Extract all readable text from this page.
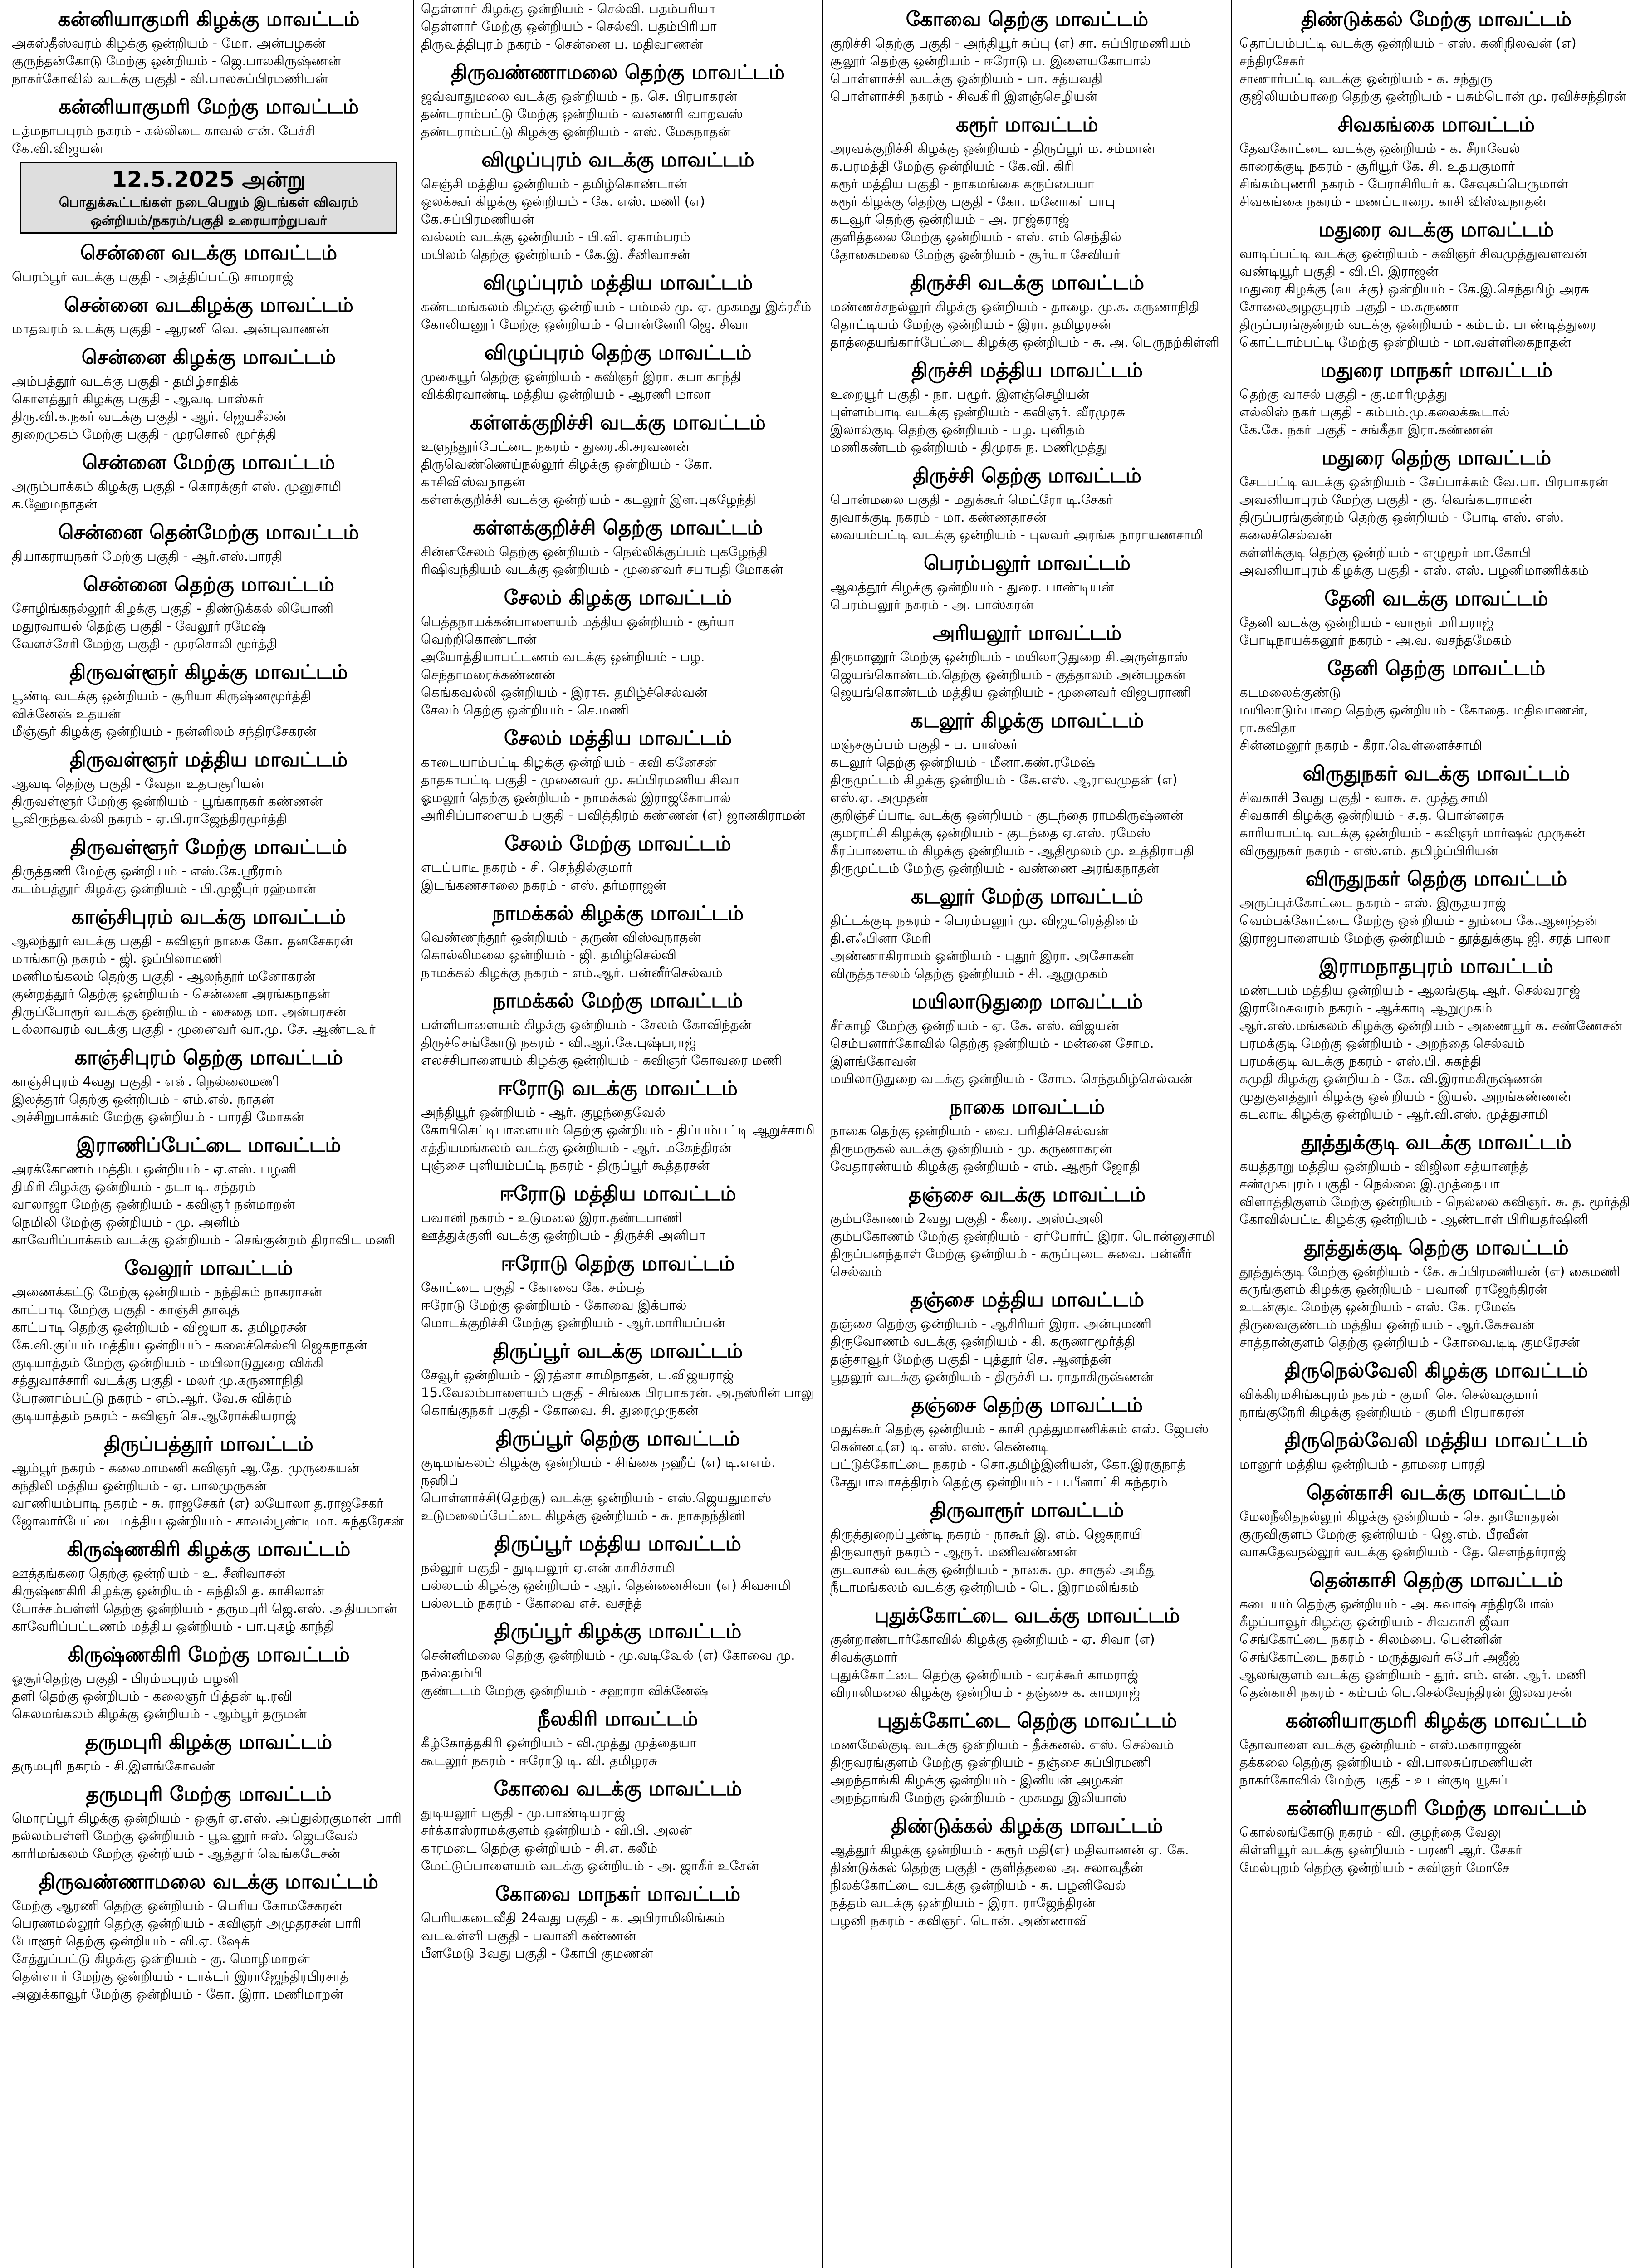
கன்னியாகுமரி கிழக்கு மாவட்டம்
அகஸ்தீஸ்வரம் கிழக்கு ஒன்றியம் - மோ. அன்பழகன்
குருந்தன்கோடு மேற்கு ஒன்றியம் - ஜெ.பாலகிருஷ்ணன்
நாகர்கோவில் வடக்கு பகுதி - வி.பாலசுப்பிரமணியன்
கன்னியாகுமரி மேற்கு மாவட்டம்
பத்மநாபபுரம் நகரம் - கல்லிடை காவல் என். பேச்சி
கே.வி.விஜயன்
12.5.2025 அன்று
பொதுக்கூட்டங்கள் நடைபெறும் இடங்கள் விவரம்
ஒன்றியம்/நகரம்/பகுதி உரையாற்றுபவர்
சென்னை வடக்கு மாவட்டம்
பெரம்பூர் வடக்கு பகுதி - அத்திப்பட்டு சாமராஜ்
சென்னை வடகிழக்கு மாவட்டம்
மாதவரம் வடக்கு பகுதி - ஆரணி வெ. அன்புவாணன்
சென்னை கிழக்கு மாவட்டம்
அம்பத்தூர் வடக்கு பகுதி - தமிழ்சாதிக்
கொளத்தூர் கிழக்கு பகுதி - ஆவடி பாஸ்கர்
திரு.வி.க.நகர் வடக்கு பகுதி - ஆர். ஜெயசீலன்
துறைமுகம் மேற்கு பகுதி - முரசொலி மூர்த்தி
சென்னை மேற்கு மாவட்டம்
அரும்பாக்கம் கிழக்கு பகுதி - கொரக்குர் எஸ். முனுசாமி
க.ஹேமநாதன்
சென்னை தென்மேற்கு மாவட்டம்
தியாகராயநகர் மேற்கு பகுதி - ஆர்.எஸ்.பாரதி
சென்னை தெற்கு மாவட்டம்
சோழிங்கநல்லூர் கிழக்கு பகுதி - திண்டுக்கல் லியோனி
மதுரவாயல் தெற்கு பகுதி - வேலூர் ரமேஷ்
வேளச்சேரி மேற்கு பகுதி - முரசொலி மூர்த்தி
திருவள்ளூர் கிழக்கு மாவட்டம்
பூண்டி வடக்கு ஒன்றியம் - சூரியா கிருஷ்ணமூர்த்தி
விக்னேஷ் உதயன்
மீஞ்சூர் கிழக்கு ஒன்றியம் - நன்னிலம் சந்திரசேகரன்
திருவள்ளூர் மத்திய மாவட்டம்
ஆவடி தெற்கு பகுதி - வேதா உதயசூரியன்
திருவள்ளூர் மேற்கு ஒன்றியம் - பூங்காநகர் கண்ணன்
பூவிருந்தவல்லி நகரம் - ஏ.பி.ராஜேந்திரமூர்த்தி
திருவள்ளூர் மேற்கு மாவட்டம்
திருத்தணி மேற்கு ஒன்றியம் - எஸ்.கே.ஸ்ரீராம்
கடம்பத்தூர் கிழக்கு ஒன்றியம் - பி.முஜீபுர் ரஹ்மான்
காஞ்சிபுரம் வடக்கு மாவட்டம்
ஆலந்தூர் வடக்கு பகுதி - கவிஞர் நாகை கோ. தனசேகரன்
மாங்காடு நகரம் - ஜி. ஒப்பிலாமணி
மணிமங்கலம் தெற்கு பகுதி - ஆலந்தூர் மனோகரன்
குன்றத்தூர் தெற்கு ஒன்றியம் - சென்னை அரங்கநாதன்
திருப்போரூர் வடக்கு ஒன்றியம் - சைதை மா. அன்பரசன்
பல்லாவரம் வடக்கு பகுதி - முனைவர் வா.மு. சே. ஆண்டவர்
காஞ்சிபுரம் தெற்கு மாவட்டம்
காஞ்சிபுரம் 4வது பகுதி - என். நெல்லைமணி
இலத்தூர் தெற்கு ஒன்றியம் - எம்.எல். நாதன்
அச்சிறுபாக்கம் மேற்கு ஒன்றியம் - பாரதி மோகன்
இராணிப்பேட்டை மாவட்டம்
அரக்கோணம் மத்திய ஒன்றியம் - ஏ.எஸ். பழனி
திமிரி கிழக்கு ஒன்றியம் - தடா டி. சந்தரம்
வாலாஜா மேற்கு ஒன்றியம் - கவிஞர் நன்மாறன்
நெமிலி மேற்கு ஒன்றியம் - மு. அனிம்
காவேரிப்பாக்கம் வடக்கு ஒன்றியம் - செங்குன்றம் திராவிட மணி
வேலூர் மாவட்டம்
அணைக்கட்டு மேற்கு ஒன்றியம் - நந்திகம் நாகராசன்
காட்பாடி மேற்கு பகுதி - காஞ்சி தாவுத்
காட்பாடி தெற்கு ஒன்றியம் - விஜயா க. தமிழரசன்
கே.வி.குப்பம் மத்திய ஒன்றியம் - கலைச்செல்வி ஜெகநாதன்
குடியாத்தம் மேற்கு ஒன்றியம் - மயிலாடுதுறை விக்கி
சத்துவாச்சாரி வடக்கு பகுதி - மலர் மு.கருணாநிதி
பேரணாம்பட்டு நகரம் - எம்.ஆர். வே.சு விக்ரம்
குடியாத்தம் நகரம் - கவிஞர் செ.ஆரோக்கியராஜ்
திருப்பத்தூர் மாவட்டம்
ஆம்பூர் நகரம் - கலைமாமணி கவிஞர் ஆ.தே. முருகையன்
கந்திலி மத்திய ஒன்றியம் - ஏ. பாலமுருகன்
வாணியம்பாடி நகரம் - சு. ராஜசேகர் (எ) லயோலா த.ராஜசேகர்
ஜோலார்பேட்டை மத்திய ஒன்றியம் - சாவல்பூண்டி மா. சுந்தரேசன்
கிருஷ்ணகிரி கிழக்கு மாவட்டம்
ஊத்தங்கரை தெற்கு ஒன்றியம் - உ. சீனிவாசன்
கிருஷ்ணகிரி கிழக்கு ஒன்றியம் - கந்திலி த. காசிலான்
போச்சம்பள்ளி தெற்கு ஒன்றியம் - தருமபுரி ஜெ.எஸ். அதியமான்
காவேரிப்பட்டணம் மத்திய ஒன்றியம் - பா.புகழ் காந்தி
கிருஷ்ணகிரி மேற்கு மாவட்டம்
ஓசூர்தெற்கு பகுதி - பிரம்மபுரம் பழனி
தளி தெற்கு ஒன்றியம் - கலைஞர் பித்தன் டி.ரவி
கெலமங்கலம் கிழக்கு ஒன்றியம் - ஆம்பூர் தருமன்
தருமபுரி கிழக்கு மாவட்டம்
தருமபுரி நகரம் - சி.இளங்கோவன்
தருமபுரி மேற்கு மாவட்டம்
மொரப்பூர் கிழக்கு ஒன்றியம் - ஒசூர் ஏ.எஸ். அப்துல்ரகுமான் பாரி
நல்லம்பள்ளி மேற்கு ஒன்றியம் - பூவனூர் ஈஸ். ஜெயவேல்
காரிமங்கலம் மேற்கு ஒன்றியம் - ஆத்தூர் வெங்கடேசன்
திருவண்ணாமலை வடக்கு மாவட்டம்
மேற்கு ஆரணி தெற்கு ஒன்றியம் - பெரிய கோமசேகரன்
பெரணமல்லூர் தெற்கு ஒன்றியம் - கவிஞர் அமுதரசன் பாரி
போளூர் தெற்கு ஒன்றியம் - வி.ஏ. ஷேக்
சேத்துப்பட்டு கிழக்கு ஒன்றியம் - கு. மொழிமாறன்
தெள்ளார் மேற்கு ஒன்றியம் - டாக்டர் இராஜேந்திரபிரசாத்
அனுக்காவூர் மேற்கு ஒன்றியம் - கோ. இரா. மணிமாறன்
தெள்ளார் கிழக்கு ஒன்றியம் - செல்வி. பதம்பரியா
தெள்ளார் மேற்கு ஒன்றியம் - செல்வி. பதம்பிரியா
திருவத்திபுரம் நகரம் - சென்னை ப. மதிவாணன்
திருவண்ணாமலை தெற்கு மாவட்டம்
ஜவ்வாதுமலை வடக்கு ஒன்றியம் - ந. செ. பிரபாகரன்
தண்டராம்பட்டு மேற்கு ஒன்றியம் - வனணரி வாறவஸ்
தண்டராம்பட்டு கிழக்கு ஒன்றியம் - எஸ். மேகநாதன்
விழுப்புரம் வடக்கு மாவட்டம்
செஞ்சி மத்திய ஒன்றியம் - தமிழ்கொண்டான்
ஒலக்கூர் கிழக்கு ஒன்றியம் - கே. எஸ். மணி (எ) கே.சுப்பிரமணியன்
வல்லம் வடக்கு ஒன்றியம் - பி.வி. ஏகாம்பரம்
மயிலம் தெற்கு ஒன்றியம் - கே.இ. சீனிவாசன்
விழுப்புரம் மத்திய மாவட்டம்
கண்டமங்கலம் கிழக்கு ஒன்றியம் - பம்மல் மு. ஏ. முகமது இக்ரசீம்
கோலியனூர் மேற்கு ஒன்றியம் - பொன்னேரி ஜெ. சிவா
விழுப்புரம் தெற்கு மாவட்டம்
முகையூர் தெற்கு ஒன்றியம் - கவிஞர் இரா. கபா காந்தி
விக்கிரவாண்டி மத்திய ஒன்றியம் - ஆரணி மாலா
கள்ளக்குறிச்சி வடக்கு மாவட்டம்
உளுந்தூர்பேட்டை நகரம் - துரை.கி.சரவணன்
திருவெண்ணெய்நல்லூர் கிழக்கு ஒன்றியம் - கோ. காசிவிஸ்வநாதன்
கள்ளக்குறிச்சி வடக்கு ஒன்றியம் - கடலூர் இள.புகழேந்தி
கள்ளக்குறிச்சி தெற்கு மாவட்டம்
சின்னசேலம் தெற்கு ஒன்றியம் - நெல்லிக்குப்பம் புகழேந்தி
ரிஷிவந்தியம் வடக்கு ஒன்றியம் - முனைவர் சபாபதி மோகன்
சேலம் கிழக்கு மாவட்டம்
பெத்தநாயக்கன்பாளையம் மத்திய ஒன்றியம் - சூர்யா வெற்றிகொண்டான்
அயோத்தியாபட்டணம் வடக்கு ஒன்றியம் - பழ. செந்தாமரைக்கண்ணன்
கெங்கவல்லி ஒன்றியம் - இராசு. தமிழ்ச்செல்வன்
சேலம் தெற்கு ஒன்றியம் - செ.மணி
சேலம் மத்திய மாவட்டம்
காடையாம்பட்டி கிழக்கு ஒன்றியம் - கவி கனேசன்
தாதகாபட்டி பகுதி - முனைவர் மு. சுப்பிரமணிய சிவா
ஓமலூர் தெற்கு ஒன்றியம் - நாமக்கல் இராஜகோபால்
அரிசிப்பாளையம் பகுதி - பவித்திரம் கண்ணன் (எ) ஜானகிராமன்
சேலம் மேற்கு மாவட்டம்
எடப்பாடி நகரம் - சி. செந்தில்குமார்
இடங்கணசாலை நகரம் - எஸ். தர்மராஜன்
நாமக்கல் கிழக்கு மாவட்டம்
வெண்ணந்தூர் ஒன்றியம் - தருண் விஸ்வநாதன்
கொல்லிமலை ஒன்றியம் - ஜி. தமிழ்செல்வி
நாமக்கல் கிழக்கு நகரம் - எம்.ஆர். பன்னீர்செல்வம்
நாமக்கல் மேற்கு மாவட்டம்
பள்ளிபாளையம் கிழக்கு ஒன்றியம் - சேலம் கோவிந்தன்
திருச்செங்கோடு நகரம் - வி.ஆர்.கே.புஷ்பராஜ்
எலச்சிபாளையம் கிழக்கு ஒன்றியம் - கவிஞர் கோவரை மணி
ஈரோடு வடக்கு மாவட்டம்
அந்தியூர் ஒன்றியம் - ஆர். குழந்தைவேல்
கோபிசெட்டிபாளையம் தெற்கு ஒன்றியம் - திப்பம்பட்டி ஆறுச்சாமி
சத்தியமங்கலம் வடக்கு ஒன்றியம் - ஆர். மகேந்திரன்
புஞ்சை புளியம்பட்டி நகரம் - திருப்பூர் கூத்தரசன்
ஈரோடு மத்திய மாவட்டம்
பவானி நகரம் - உடுமலை இரா.தண்டபாணி
ஊத்துக்குளி வடக்கு ஒன்றியம் - திருச்சி அனிபா
ஈரோடு தெற்கு மாவட்டம்
கோட்டை பகுதி - கோவை கே. சம்பத்
ஈரோடு மேற்கு ஒன்றியம் - கோவை இக்பால்
மொடக்குறிச்சி மேற்கு ஒன்றியம் - ஆர்.மாரியப்பன்
திருப்பூர் வடக்கு மாவட்டம்
சேவூர் ஒன்றியம் - இரத்னா சாமிநாதன், ப.விஜயராஜ்
15.வேலம்பாளையம் பகுதி - சிங்கை பிரபாகரன். அ.நஸ்ரின் பாலு
கொங்குநகர் பகுதி - கோவை. சி. துரைமுருகன்
திருப்பூர் தெற்கு மாவட்டம்
குடிமங்கலம் கிழக்கு ஒன்றியம் - சிங்கை நஹீப் (எ) டி.எஎம். நஹிப்
பொள்ளாச்சி(தெற்கு) வடக்கு ஒன்றியம் - எஸ்.ஜெயதுமாஸ்
உடுமலைப்பேட்டை கிழக்கு ஒன்றியம் - சு. நாகநந்தினி
திருப்பூர் மத்திய மாவட்டம்
நல்லூர் பகுதி - துடியலூர் ஏ.என் காசிச்சாமி
பல்லடம் கிழக்கு ஒன்றியம் - ஆர். தென்னைசிவா (எ) சிவசாமி
பல்லடம் நகரம் - கோவை எச். வசந்த்
திருப்பூர் கிழக்கு மாவட்டம்
சென்னிமலை தெற்கு ஒன்றியம் - மு.வடிவேல் (எ) கோவை மு. நல்லதம்பி
குண்டடம் மேற்கு ஒன்றியம் - சஹாரா விக்னேஷ்
நீலகிரி மாவட்டம்
கீழ்கோத்தகிரி ஒன்றியம் - வி.முத்து முத்தையா
கூடலூர் நகரம் - ஈரோடு டி. வி. தமிழரசு
கோவை வடக்கு மாவட்டம்
துடியலூர் பகுதி - மு.பாண்டியராஜ்
சர்க்காஸ்ராமக்குளம் ஒன்றியம் - வி.பி. அலன்
காரமடை தெற்கு ஒன்றியம் - சி.எ. கலீம்
மேட்டுப்பாளையம் வடக்கு ஒன்றியம் - அ. ஜாகீர் உசேன்
கோவை மாநகர் மாவட்டம்
பெரியகடைவீதி 24வது பகுதி - க. அபிராமிலிங்கம்
வடவள்ளி பகுதி - பவானி கண்ணன்
பீளமேடு 3வது பகுதி - கோபி குமணன்
கோவை தெற்கு மாவட்டம்
குறிச்சி தெற்கு பகுதி - அந்தியூர் சுப்பு (எ) சா. சுப்பிரமணியம்
சூலூர் தெற்கு ஒன்றியம் - ஈரோடு ப. இளையகோபால்
பொள்ளாச்சி வடக்கு ஒன்றியம் - பா. சத்யவதி
பொள்ளாச்சி நகரம் - சிவகிரி இளஞ்செழியன்
கரூர் மாவட்டம்
அரவக்குறிச்சி கிழக்கு ஒன்றியம் - திருப்பூர் ம. சம்மான்
க.பரமத்தி மேற்கு ஒன்றியம் - கே.வி. கிரி
கரூர் மத்திய பகுதி - நாகமங்கை கருப்பையா
கரூர் கிழக்கு தெற்கு பகுதி - கோ. மனோகர் பாபு
கடவூர் தெற்கு ஒன்றியம் - அ. ராஜ்கராஜ்
குளித்தலை மேற்கு ஒன்றியம் - எஸ். எம் செந்தில்
தோகைமலை மேற்கு ஒன்றியம் - சூர்யா சேவியர்
திருச்சி வடக்கு மாவட்டம்
மண்ணச்சநல்லூர் கிழக்கு ஒன்றியம் - தாழை. மு.க. கருணாநிதி
தொட்டியம் மேற்கு ஒன்றியம் - இரா. தமிழரசன்
தாத்தையங்கார்பேட்டை கிழக்கு ஒன்றியம் - சு. அ. பெருநற்கிள்ளி
திருச்சி மத்திய மாவட்டம்
உறையூர் பகுதி - நா. பழூர். இளஞ்செழியன்
புள்ளம்பாடி வடக்கு ஒன்றியம் - கவிஞர். வீரமுரசு
இலால்குடி தெற்கு ஒன்றியம் - பழ. புனிதம்
மணிகண்டம் ஒன்றியம் - திமுரசு ந. மணிமுத்து
திருச்சி தெற்கு மாவட்டம்
பொன்மலை பகுதி - மதுக்கூர் மெட்ரோ டி.சேகர்
துவாக்குடி நகரம் - மா. கண்ணதாசன்
வையம்பட்டி வடக்கு ஒன்றியம் - புலவர் அரங்க நாராயணசாமி
பெரம்பலூர் மாவட்டம்
ஆலத்தூர் கிழக்கு ஒன்றியம் - துரை. பாண்டியன்
பெரம்பலூர் நகரம் - அ. பாஸ்கரன்
அரியலூர் மாவட்டம்
திருமானூர் மேற்கு ஒன்றியம் - மயிலாடுதுறை சி.அருள்தாஸ்
ஜெயங்கொண்டம்.தெற்கு ஒன்றியம் - குத்தாலம் அன்பழகன்
ஜெயங்கொண்டம் மத்திய ஒன்றியம் - முனைவர் விஜயராணி
கடலூர் கிழக்கு மாவட்டம்
மஞ்சகுப்பம் பகுதி - ப. பாஸ்கர்
கடலூர் தெற்கு ஒன்றியம் - மீனா.கண்.ரமேஷ்
திருமுட்டம் கிழக்கு ஒன்றியம் - கே.எஸ். ஆராவமுதன் (எ) எஸ்.ஏ. அமுதன்
குறிஞ்சிப்பாடி வடக்கு ஒன்றியம் - குடந்தை ராமகிருஷ்ணன்
குமராட்சி கிழக்கு ஒன்றியம் - குடந்தை ஏ.எஸ். ரமேஸ்
கீரப்பாளையம் கிழக்கு ஒன்றியம் - ஆதிமூலம் மு. உத்திராபதி
திருமுட்டம் மேற்கு ஒன்றியம் - வண்ணை அரங்கநாதன்
கடலூர் மேற்கு மாவட்டம்
திட்டக்குடி நகரம் - பெரம்பலூர் மு. விஜயரெத்தினம்
தி.எஃபினா மேரி
அண்ணாகிராமம் ஒன்றியம் - புதூர் இரா. அசோகன்
விருத்தாசலம் தெற்கு ஒன்றியம் - சி. ஆறுமுகம்
மயிலாடுதுறை மாவட்டம்
சீர்காழி மேற்கு ஒன்றியம் - ஏ. கே. எஸ். விஜயன்
செம்பனார்கோவில் தெற்கு ஒன்றியம் - மன்னை சோம. இளங்கோவன்
மயிலாடுதுறை வடக்கு ஒன்றியம் - சோம. செந்தமிழ்செல்வன்
நாகை மாவட்டம்
நாகை தெற்கு ஒன்றியம் - வை. பரிதிச்செல்வன்
திருமருகல் வடக்கு ஒன்றியம் - மு. கருணாகரன்
வேதாரண்யம் கிழக்கு ஒன்றியம் - எம். ஆரூர் ஜோதி
தஞ்சை வடக்கு மாவட்டம்
கும்பகோணம் 2வது பகுதி - கீரை. அஸ்ப்அலி
கும்பகோணம் மேற்கு ஒன்றியம் - ஏர்போர்ட் இரா. பொன்னுசாமி
திருப்பனந்தாள் மேற்கு ஒன்றியம் - கருப்புடை சுவை. பன்னீர் செல்வம்
தஞ்சை மத்திய மாவட்டம்
தஞ்சை தெற்கு ஒன்றியம் - ஆசிரியர் இரா. அன்புமணி
திருவோணம் வடக்கு ஒன்றியம் - கி. கருணாமூர்த்தி
தஞ்சாவூர் மேற்கு பகுதி - புத்தூர் செ. ஆனந்தன்
பூதலூர் வடக்கு ஒன்றியம் - திருச்சி ப. ராதாகிருஷ்ணன்
தஞ்சை தெற்கு மாவட்டம்
மதுக்கூர் தெற்கு ஒன்றியம் - காசி முத்துமாணிக்கம் எஸ். ஜேபஸ் கென்னடி(எ) டி. எஸ். எஸ். கென்னடி
பட்டுக்கோட்டை நகரம் - சொ.தமிழ்இனியன், கோ.இரகுநாத்
சேதுபாவாசத்திரம் தெற்கு ஒன்றியம் - ப.பீனாட்சி சுந்தரம்
திருவாரூர் மாவட்டம்
திருத்துறைப்பூண்டி நகரம் - நாகூர் இ. எம். ஜெகநாயி
திருவாரூர் நகரம் - ஆரூர். மணிவண்ணன்
குடவாசல் வடக்கு ஒன்றியம் - நாகை. மு. சாகுல் அமீது
நீடாமங்கலம் வடக்கு ஒன்றியம் - பெ. இராமலிங்கம்
புதுக்கோட்டை வடக்கு மாவட்டம்
குன்றாண்டார்கோவில் கிழக்கு ஒன்றியம் - ஏ. சிவா (எ) சிவக்குமார்
புதுக்கோட்டை தெற்கு ஒன்றியம் - வரக்கூர் காமராஜ்
விராலிமலை கிழக்கு ஒன்றியம் - தஞ்சை க. காமராஜ்
புதுக்கோட்டை தெற்கு மாவட்டம்
மணமேல்குடி வடக்கு ஒன்றியம் - தீக்கனல். எஸ். செல்வம்
திருவரங்குளம் மேற்கு ஒன்றியம் - தஞ்சை சுப்பிரமணி
அறந்தாங்கி கிழக்கு ஒன்றியம் - இனியன் அழகன்
அறந்தாங்கி மேற்கு ஒன்றியம் - முகமது இலியாஸ்
திண்டுக்கல் கிழக்கு மாவட்டம்
ஆத்தூர் கிழக்கு ஒன்றியம் - கரூர் மதி(எ) மதிவாணன் ஏ. கே.
திண்டுக்கல் தெற்கு பகுதி - குளித்தலை அ. சலாவுதீன்
நிலக்கோட்டை வடக்கு ஒன்றியம் - சு. பழனிவேல்
நத்தம் வடக்கு ஒன்றியம் - இரா. ராஜேந்திரன்
பழனி நகரம் - கவிஞர். பொன். அண்ணாவி
திண்டுக்கல் மேற்கு மாவட்டம்
தொப்பம்பட்டி வடக்கு ஒன்றியம் - எஸ். கனிநிலவன் (எ) சந்திரசேகர்
சாணார்பட்டி வடக்கு ஒன்றியம் - க. சந்துரு
குஜிலியம்பாறை தெற்கு ஒன்றியம் - பசும்பொன் மு. ரவிச்சந்திரன்
சிவகங்கை மாவட்டம்
தேவகோட்டை வடக்கு ஒன்றியம் - க. சீராவேல்
காரைக்குடி நகரம் - சூரியூர் கே. சி. உதயகுமார்
சிங்கம்புணரி நகரம் - பேராசிரியர் க. சேவுகப்பெருமாள்
சிவகங்கை நகரம் - மணப்பாறை. காசி விஸ்வநாதன்
மதுரை வடக்கு மாவட்டம்
வாடிப்பட்டி வடக்கு ஒன்றியம் - கவிஞர் சிவமுத்துவளவன்
வண்டியூர் பகுதி - வி.பி. இராஜன்
மதுரை கிழக்கு (வடக்கு) ஒன்றியம் - கே.இ.செந்தமிழ் அரசு
சோலைஅழகுபுரம் பகுதி - ம.சுருணா
திருப்பரங்குன்றம் வடக்கு ஒன்றியம் - கம்பம். பாண்டித்துரை
கொட்டாம்பட்டி மேற்கு ஒன்றியம் - மா.வள்ளிகைநாதன்
மதுரை மாநகர் மாவட்டம்
தெற்கு வாசல் பகுதி - கு.மாரிமுத்து
எல்லிஸ் நகர் பகுதி - கம்பம்.மு.கலைக்கூடால்
கே.கே. நகர் பகுதி - சங்கீதா இரா.கண்ணன்
மதுரை தெற்கு மாவட்டம்
சேடபட்டி வடக்கு ஒன்றியம் - சேப்பாக்கம் வே.பா. பிரபாகரன்
அவனியாபுரம் மேற்கு பகுதி - கு. வெங்கடராமன்
திருப்பரங்குன்றம் தெற்கு ஒன்றியம் - போடி எஸ். எஸ். கலைச்செல்வன்
கள்ளிக்குடி தெற்கு ஒன்றியம் - எழுமூர் மா.கோபி
அவனியாபுரம் கிழக்கு பகுதி - எஸ். எஸ். பழனிமாணிக்கம்
தேனி வடக்கு மாவட்டம்
தேனி வடக்கு ஒன்றியம் - வாரூர் மரியராஜ்
போடிநாயக்கனூர் நகரம் - அ.வ. வசந்தமேகம்
தேனி தெற்கு மாவட்டம்
கடமலைக்குண்டு
மயிலாடும்பாறை தெற்கு ஒன்றியம் - கோதை. மதிவாணன், ரா.கவிதா
சின்னமனூர் நகரம் - கீரா.வெள்ளைச்சாமி
விருதுநகர் வடக்கு மாவட்டம்
சிவகாசி 3வது பகுதி - வாசு. ச. முத்துசாமி
சிவகாசி கிழக்கு ஒன்றியம் - ச.த. பொன்னரசு
காரியாபட்டி வடக்கு ஒன்றியம் - கவிஞர் மார்ஷல் முருகன்
விருதுநகர் நகரம் - எஸ்.எம். தமிழ்ப்பிரியன்
விருதுநகர் தெற்கு மாவட்டம்
அருப்புக்கோட்டை நகரம் - எஸ். இருதயராஜ்
வெம்பக்கோட்டை மேற்கு ஒன்றியம் - தும்பை கே.ஆனந்தன்
இராஜபாளையம் மேற்கு ஒன்றியம் - தூத்துக்குடி ஜி. சரத் பாலா
இராமநாதபுரம் மாவட்டம்
மண்டபம் மத்திய ஒன்றியம் - ஆலங்குடி ஆர். செல்வராஜ்
இராமேசுவரம் நகரம் - ஆக்காடி ஆறுமுகம்
ஆர்.எஸ்.மங்கலம் கிழக்கு ஒன்றியம் - அணையூர் க. சண்ணேசன்
பரமக்குடி மேற்கு ஒன்றியம் - அறந்தை செல்வம்
பரமக்குடி வடக்கு நகரம் - எஸ்.பி. சுகந்தி
கமுதி கிழக்கு ஒன்றியம் - கே. வி.இராமகிருஷ்ணன்
முதுகுளத்தூர் கிழக்கு ஒன்றியம் - இயல். அறங்கண்ணன்
கடலாடி கிழக்கு ஒன்றியம் - ஆர்.வி.எஸ். முத்துசாமி
தூத்துக்குடி வடக்கு மாவட்டம்
கயத்தாறு மத்திய ஒன்றியம் - விஜிலா சத்யானந்த்
சண்முகபுரம் பகுதி - நெல்லை இ.முத்தையா
விளாத்திகுளம் மேற்கு ஒன்றியம் - நெல்லை கவிஞர். சு. த. மூர்த்தி
கோவில்பட்டி கிழக்கு ஒன்றியம் - ஆண்டாள் பிரியதர்ஷினி
தூத்துக்குடி தெற்கு மாவட்டம்
தூத்துக்குடி மேற்கு ஒன்றியம் - கே. சுப்பிரமணியன் (எ) கைமணி
கருங்குளம் கிழக்கு ஒன்றியம் - பவானி ராஜேந்திரன்
உடன்குடி மேற்கு ஒன்றியம் - எஸ். கே. ரமேஷ்
திருவைகுண்டம் மத்திய ஒன்றியம் - ஆர்.கேசவன்
சாத்தான்குளம் தெற்கு ஒன்றியம் - கோவை.டிடி குமரேசன்
திருநெல்வேலி கிழக்கு மாவட்டம்
விக்கிரமசிங்கபுரம் நகரம் - குமரி செ. செல்வகுமார்
நாங்குநேரி கிழக்கு ஒன்றியம் - குமரி பிரபாகரன்
திருநெல்வேலி மத்திய மாவட்டம்
மானூர் மத்திய ஒன்றியம் - தாமரை பாரதி
தென்காசி வடக்கு மாவட்டம்
மேலநீலிதநல்லூர் கிழக்கு ஒன்றியம் - செ. தாமோதரன்
குருவிகுளம் மேற்கு ஒன்றியம் - ஜெ.எம். பீரவீன்
வாசுதேவநல்லூர் வடக்கு ஒன்றியம் - தே. சௌந்தர்ராஜ்
தென்காசி தெற்கு மாவட்டம்
கடையம் தெற்கு ஒன்றியம் - அ. சுவாஷ் சந்திரபோஸ்
கீழப்பாவூர் கிழக்கு ஒன்றியம் - சிவகாசி ஜீவா
செங்கோட்டை நகரம் - சிலம்பை. பென்னின்
செங்கோட்டை நகரம் - மருத்துவர் சுபேர் அஜீஜ்
ஆலங்குளம் வடக்கு ஒன்றியம் - தூர். எம். என். ஆர். மணி
தென்காசி நகரம் - கம்பம் பெ.செல்வேந்திரன் இலவரசன்
கன்னியாகுமரி கிழக்கு மாவட்டம்
தோவாளை வடக்கு ஒன்றியம் - எஸ்.மகாராஜன்
தக்கலை தெற்கு ஒன்றியம் - வி.பாலசுப்ரமணியன்
நாகர்கோவில் மேற்கு பகுதி - உடன்குடி யூசுப்
கன்னியாகுமரி மேற்கு மாவட்டம்
கொல்லங்கோடு நகரம் - வி. குழந்தை வேலு
கிள்ளியூர் வடக்கு ஒன்றியம் - பரணி ஆர். சேகர்
மேல்புறம் தெற்கு ஒன்றியம் - கவிஞர் மோசே
